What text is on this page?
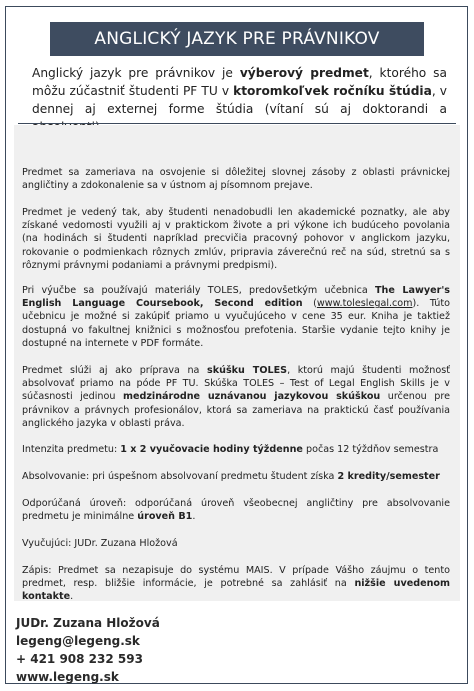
ANGLICKÝ JAZYK PRE PRÁVNIKOV
Anglický jazyk pre právnikov je výberový predmet, ktorého sa môžu zúčastniť študenti PF TU v ktoromkoľvek ročníku štúdia, v dennej aj externej forme štúdia (vítaní sú aj doktorandi a
Predmet sa zameriava na osvojenie si dôležitej slovnej zásoby z oblasti právnickej angličtiny a zdokonalenie sa v ústnom aj písomnom prejave.
Predmet je vedený tak, aby študenti nenadobudli len akademické poznatky, ale aby získané vedomosti využili aj v praktickom živote a pri výkone ich budúceho povolania (na hodinách si študenti napríklad precvičia pracovný pohovor v anglickom jazyku, rokovanie o podmienkach rôznych zmlúv, pripravia záverečnú reč na súd, stretnú sa s rôznymi právnymi podaniami a právnymi predpismi).
Pri výučbe sa používajú materiály TOLES, predovšetkým učebnica The Lawyer's English Language Coursebook, Second edition (www.toleslegal.com). Túto učebnicu je možné si zakúpiť priamo u vyučujúceho v cene 35 eur. Kniha je taktiež dostupná vo fakultnej knižnici s možnosťou prefotenia. Staršie vydanie tejto knihy je dostupné na internete v PDF formáte.
Predmet slúži aj ako príprava na skúšku TOLES, ktorú majú študenti možnosť absolvovať priamo na póde PF TU. Skúška TOLES – Test of Legal English Skills je v súčasnosti jedinou medzinárodne uznávanou jazykovou skúškou určenou pre právnikov a právnych profesionálov, ktorá sa zameriava na praktickú časť používania anglického jazyka v oblasti práva.
Intenzita predmetu: 1 x 2 vyučovacie hodiny týždenne počas 12 týždňov semestra
Absolvovanie: pri úspešnom absolvovaní predmetu študent získa 2 kredity/semester
Odporúčaná úroveň: odporúčaná úroveň všeobecnej angličtiny pre absolvovanie predmetu je minimálne úroveň B1.
Vyučujúci: JUDr. Zuzana Hložová
Zápis: Predmet sa nezapisuje do systému MAIS. V prípade Vášho záujmu o tento predmet, resp. bližšie informácie, je potrebné sa zahlásiť na nižšie uvedenom kontakte.
JUDr. Zuzana Hložová
legeng@legeng.sk
+ 421 908 232 593
www.legeng.sk
